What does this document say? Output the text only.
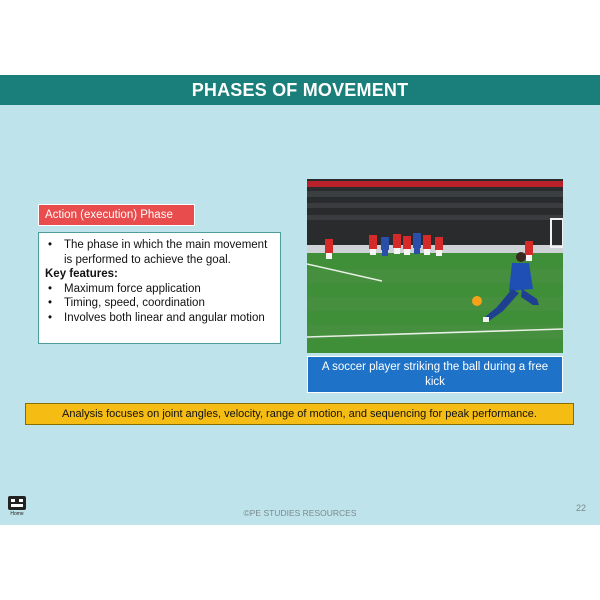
PHASES OF MOVEMENT
Action (execution) Phase
• The phase in which the main movement is performed to achieve the goal.

Key features:

• Maximum force application
• Timing, speed, coordination
• Involves both linear and angular motion
A soccer player striking the ball during a free kick
Analysis focuses on joint angles, velocity, range of motion, and sequencing for peak performance.
Home	©PE STUDIES RESOURCES	22
